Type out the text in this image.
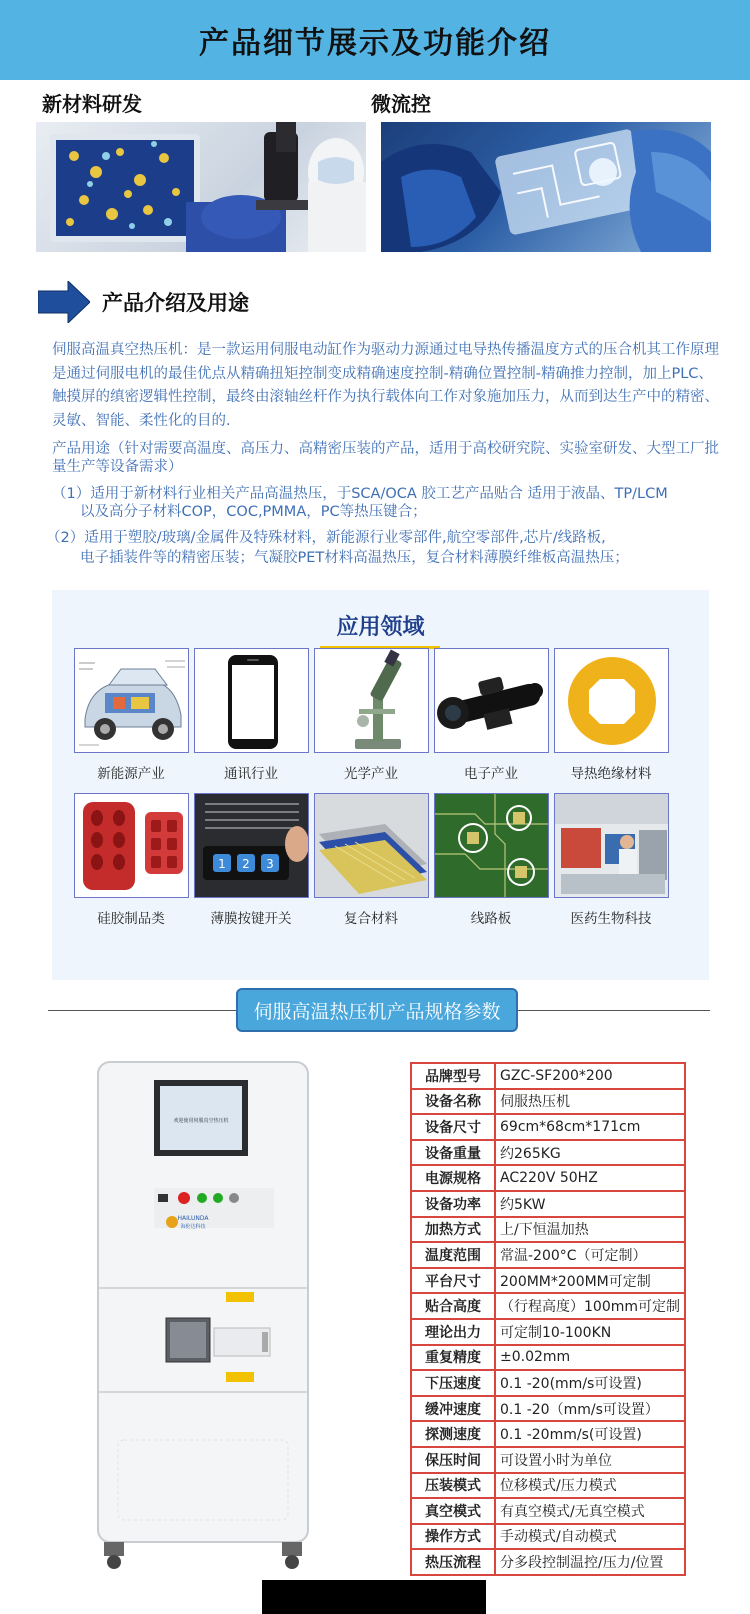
产品细节展示及功能介绍
新材料研发	微流控
产品介绍及用途
伺服高温真空热压机：是一款运用伺服电动缸作为驱动力源通过电导热传播温度方式的压合机其工作原理是通过伺服电机的最佳优点从精确扭矩控制变成精确速度控制-精确位置控制-精确推力控制，加上PLC、触摸屏的缜密逻辑性控制，最终由滚轴丝杆作为执行载体向工作对象施加压力，从而到达生产中的精密、灵敏、智能、柔性化的目的.
产品用途（针对需要高温度、高压力、高精密压装的产品，适用于高校研究院、实验室研发、大型工厂批量生产等设备需求）
（1）适用于新材料行业相关产品高温热压，于SCA/OCA 胶工艺产品贴合 适用于液晶、TP/LCM
以及高分子材料COP，COC,PMMA，PC等热压键合；
（2）适用于塑胶/玻璃/金属件及特殊材料，新能源行业零部件,航空零部件,芯片/线路板,
电子插装件等的精密压装；气凝胶PET材料高温热压，复合材料薄膜纤维板高温热压；
应用领域
新能源产业	通讯行业	光学产业	电子产业	导热绝缘材料
1 2 3
硅胶制品类	薄膜按键开关	复合材料	线路板	医药生物科技
伺服高温热压机产品规格参数
欢迎使用伺服真空热压机
HAILUNDA
海伦达科技
品牌型号	GZC-SF200*200
设备名称	伺服热压机
设备尺寸	69cm*68cm*171cm
设备重量	约265KG
电源规格	AC220V 50HZ
设备功率	约5KW
加热方式	上/下恒温加热
温度范围	常温-200°C（可定制）
平台尺寸	200MM*200MM可定制
贴合高度	（行程高度）100mm可定制
理论出力	可定制10-100KN
重复精度	±0.02mm
下压速度	0.1 -20(mm/s可设置)
缓冲速度	0.1 -20（mm/s可设置）
探测速度	0.1 -20mm/s(可设置)
保压时间	可设置小时为单位
压装模式	位移模式/压力模式
真空模式	有真空模式/无真空模式
操作方式	手动模式/自动模式
热压流程	分多段控制温控/压力/位置
